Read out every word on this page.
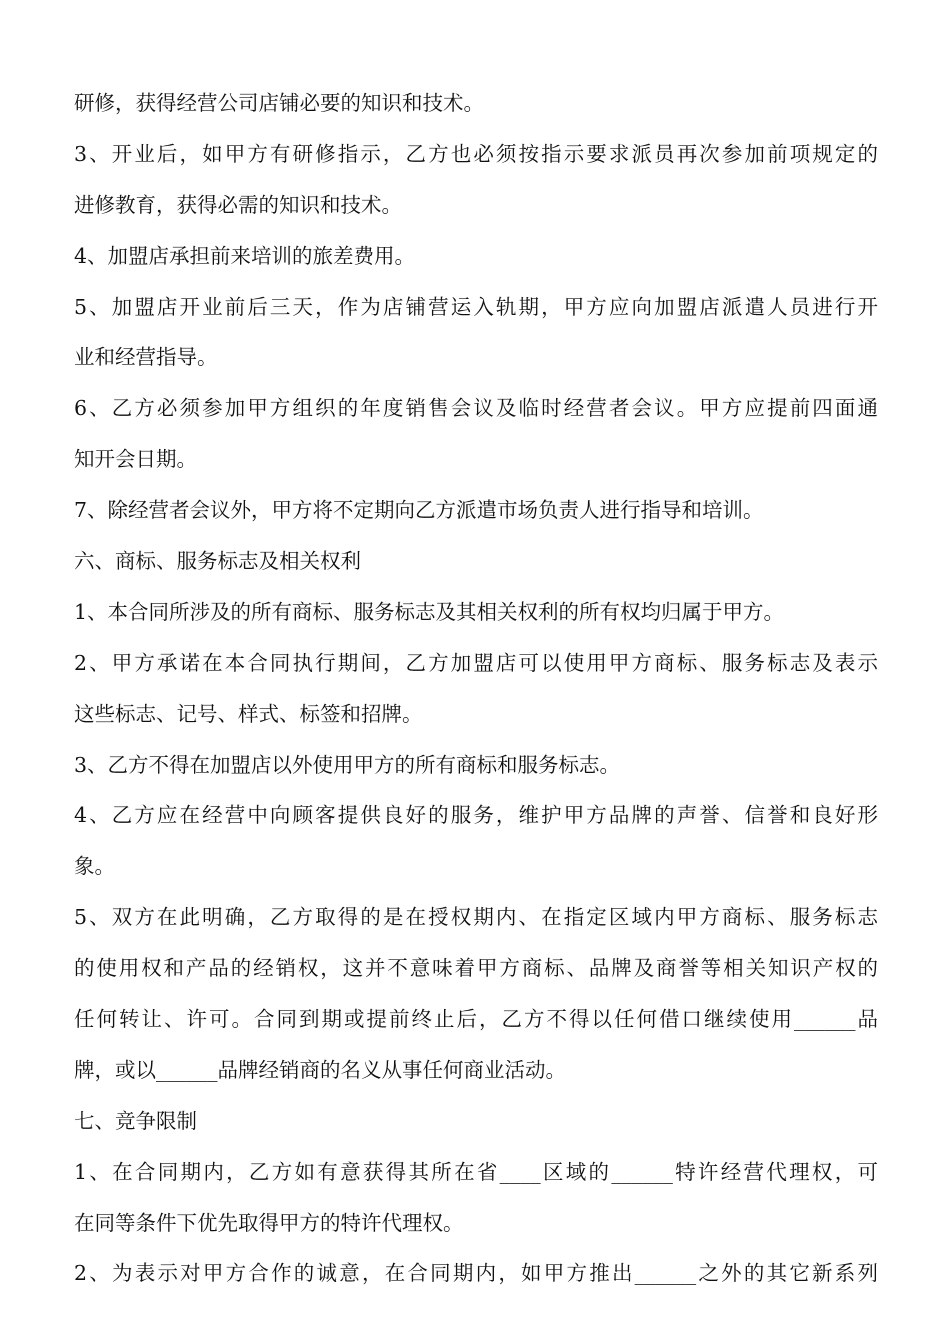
研修，获得经营公司店铺必要的知识和技术。
3、开业后，如甲方有研修指示，乙方也必须按指示要求派员再次参加前项规定的
进修教育，获得必需的知识和技术。
4、加盟店承担前来培训的旅差费用。
5、加盟店开业前后三天，作为店铺营运入轨期，甲方应向加盟店派遣人员进行开
业和经营指导。
6、乙方必须参加甲方组织的年度销售会议及临时经营者会议。甲方应提前四面通
知开会日期。
7、除经营者会议外，甲方将不定期向乙方派遣市场负责人进行指导和培训。
六、商标、服务标志及相关权利
1、本合同所涉及的所有商标、服务标志及其相关权利的所有权均归属于甲方。
2、甲方承诺在本合同执行期间，乙方加盟店可以使用甲方商标、服务标志及表示
这些标志、记号、样式、标签和招牌。
3、乙方不得在加盟店以外使用甲方的所有商标和服务标志。
4、乙方应在经营中向顾客提供良好的服务，维护甲方品牌的声誉、信誉和良好形
象。
5、双方在此明确，乙方取得的是在授权期内、在指定区域内甲方商标、服务标志
的使用权和产品的经销权，这并不意味着甲方商标、品牌及商誉等相关知识产权的
任何转让、许可。合同到期或提前终止后，乙方不得以任何借口继续使用______品
牌，或以______品牌经销商的名义从事任何商业活动。
七、竞争限制
1、在合同期内，乙方如有意获得其所在省____区域的______特许经营代理权，可
在同等条件下优先取得甲方的特许代理权。
2、为表示对甲方合作的诚意，在合同期内，如甲方推出______之外的其它新系列
